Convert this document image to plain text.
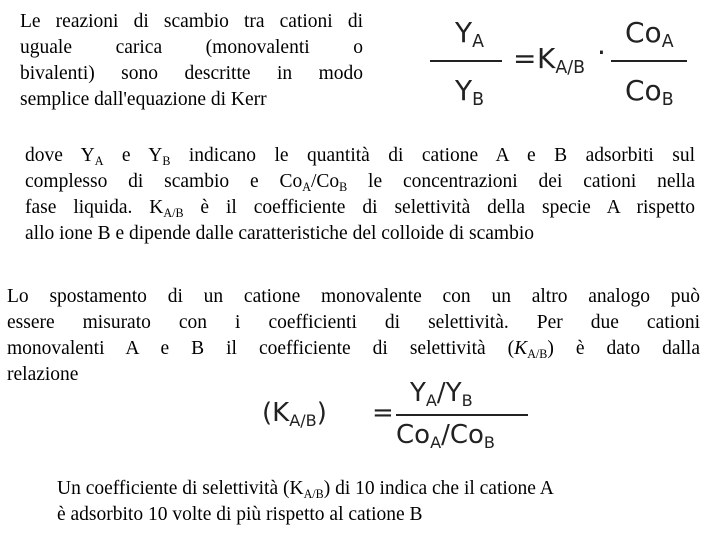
Le reazioni di scambio tra cationi di
uguale carica (monovalenti o
bivalenti) sono descritte in modo
semplice dall'equazione di Kerr
YA
YB
= KA/B ·
CoA
CoB
dove $Y_A$ e $Y_B$ indicano le quantità di catione A e B adsorbiti sul
complesso di scambio e $Co_A/Co_B$ le concentrazioni dei cationi nella
fase liquida. $K_{A/B}$ è il coefficiente di selettività della specie A rispetto
allo ione B e dipende dalle caratteristiche del colloide di scambio
Lo spostamento di un catione monovalente con un altro analogo può
essere misurato con i coefficienti di selettività. Per due cationi
monovalenti A e B il coefficiente di selettività $(K_{A/B})$ è dato dalla
relazione
(KA/B) =
YA/YB
CoA/CoB
Un coefficiente di selettività $(K_{A/B})$ di 10 indica che il catione A
è adsorbito 10 volte di più rispetto al catione B
